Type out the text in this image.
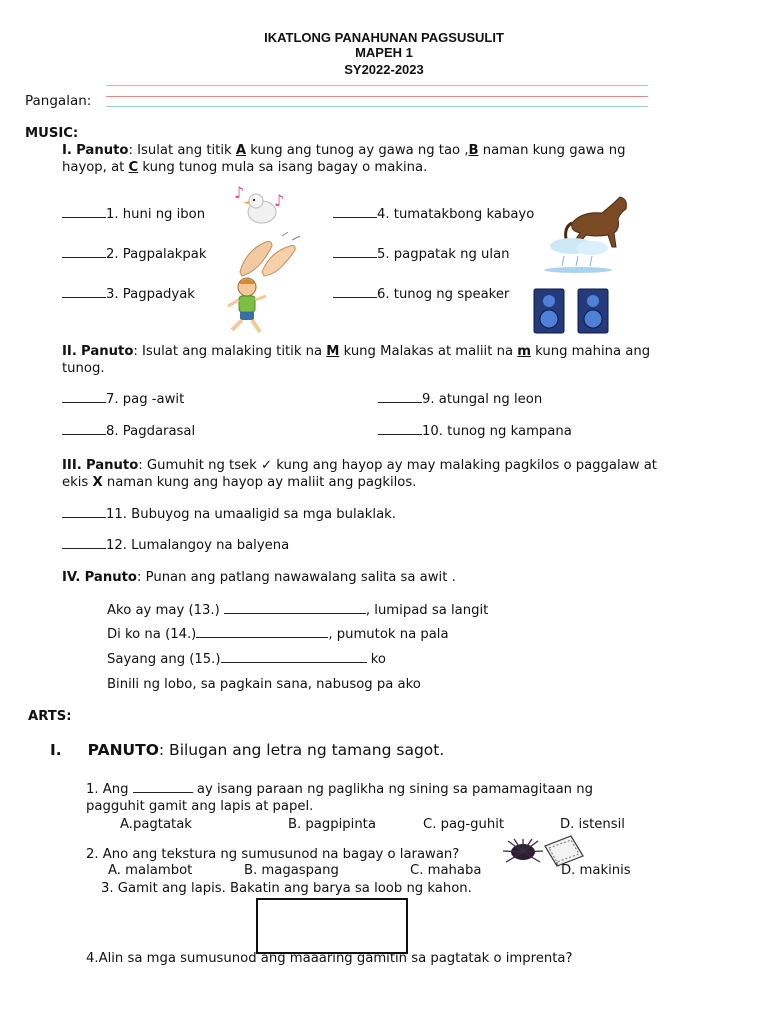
IKATLONG PANAHUNAN PAGSUSULIT
MAPEH 1
SY2022-2023
Pangalan:
MUSIC:
I. Panuto: Isulat ang titik A kung ang tunog ay gawa ng tao ,B naman kung gawa ng hayop, at C kung tunog mula sa isang bagay o makina.
1. huni ng ibon
2. Pagpalakpak
3. Pagpadyak
4. tumatakbong kabayo
5. pagpatak ng ulan
6. tunog ng speaker
♪ ♪
II. Panuto: Isulat ang malaking titik na M kung Malakas at maliit na m kung mahina ang tunog.
7. pag -awit
8. Pagdarasal
9. atungal ng leon
10. tunog ng kampana
III. Panuto: Gumuhit ng tsek ✓ kung ang hayop ay may malaking pagkilos o paggalaw at ekis X naman kung ang hayop ay maliit ang pagkilos.
11. Bubuyog na umaaligid sa mga bulaklak.
12. Lumalangoy na balyena
IV. Panuto: Punan ang patlang nawawalang salita sa awit .
Ako ay may (13.)	, lumipad sa langit
Di ko na (14.)	, pumutok na pala
Sayang ang (15.)	ko
Binili ng lobo, sa pagkain sana, nabusog pa ako
ARTS:
I. PANUTO: Bilugan ang letra ng tamang sagot.
1. Ang	ay isang paraan ng paglikha ng sining sa pamamagitaan ng
pagguhit gamit ang lapis at papel.
A.pagtatak	B. pagpipinta	C. pag-guhit	D. istensil
2. Ano ang tekstura ng sumusunod na bagay o larawan?
A. malambot	B. magaspang	C. mahaba	D. makinis
3. Gamit ang lapis. Bakatin ang barya sa loob ng kahon.
4.Alin sa mga sumusunod ang maaaring gamitin sa pagtatak o imprenta?
